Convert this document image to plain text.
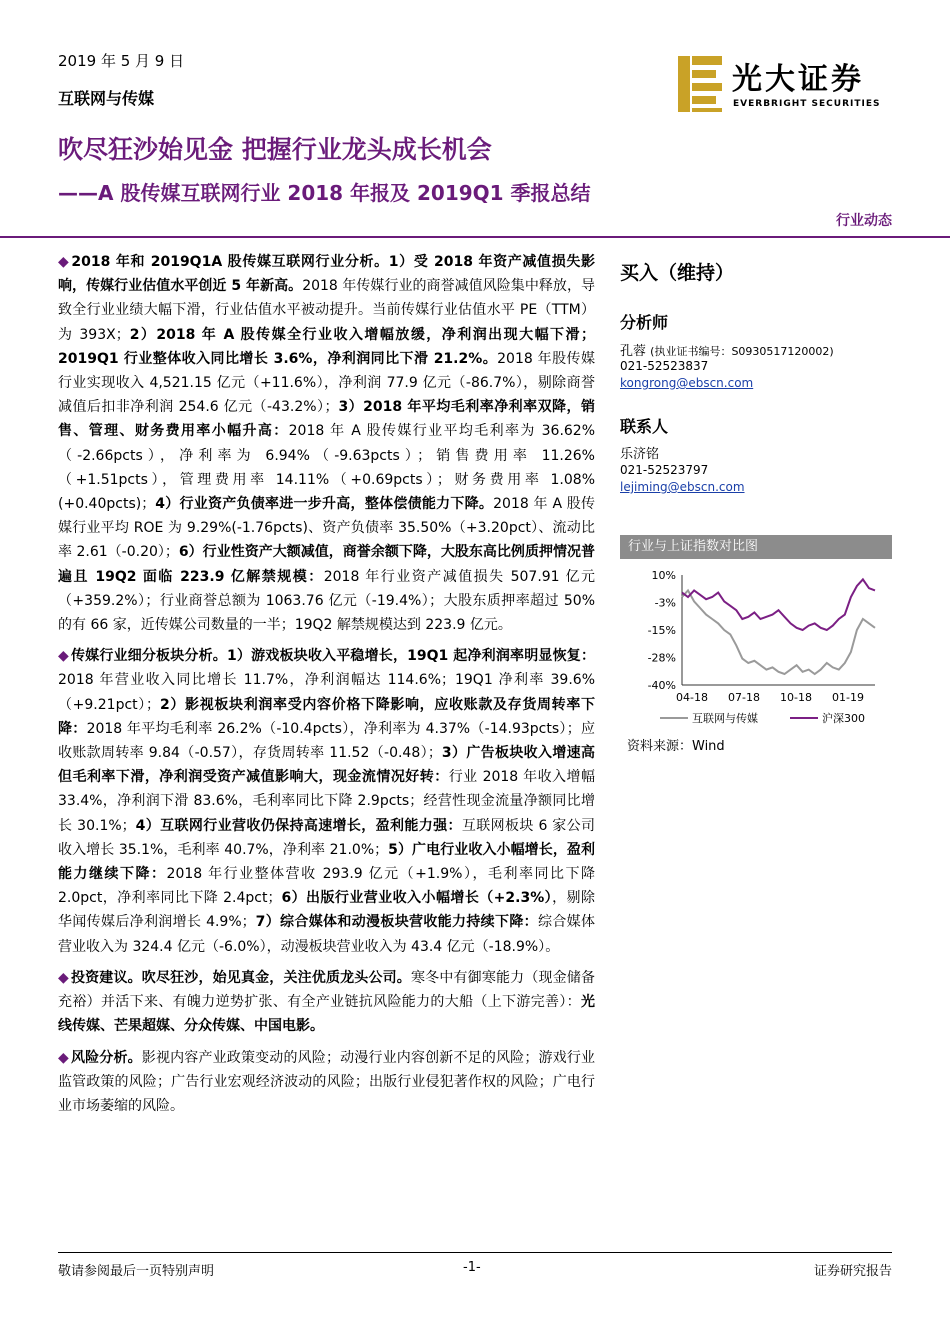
2019 年 5 月 9 日
互联网与传媒
光大证券
EVERBRIGHT SECURITIES
吹尽狂沙始见金 把握行业龙头成长机会
——A 股传媒互联网行业 2018 年报及 2019Q1 季报总结
行业动态

◆ 2018 年和 2019Q1A 股传媒互联网行业分析。1）受 2018 年资产减值损失影响，传媒行业估值水平创近 5 年新高。2018 年传媒行业的商誉减值风险集中释放，导致全行业业绩大幅下滑，行业估值水平被动提升。当前传媒行业估值水平 PE（TTM）为 393X；2）2018 年 A 股传媒全行业收入增幅放缓，净利润出现大幅下滑；2019Q1 行业整体收入同比增长 3.6%，净利润同比下滑 21.2%。2018 年股传媒行业实现收入 4,521.15 亿元（+11.6%），净利润 77.9 亿元（-86.7%），剔除商誉减值后扣非净利润 254.6 亿元（-43.2%）；3）2018 年平均毛利率净利率双降，销售、管理、财务费用率小幅升高：2018 年 A 股传媒行业平均毛利率为 36.62%（-2.66pcts），净利率为 6.94%（-9.63pcts）；销售费用率 11.26%（+1.51pcts），管理费用率 14.11%（+0.69pcts）；财务费用率 1.08%(+0.40pcts)；4）行业资产负债率进一步升高，整体偿债能力下降。2018 年 A 股传媒行业平均 ROE 为 9.29%(-1.76pcts)、资产负债率 35.50%（+3.20pct）、流动比率 2.61（-0.20）；6）行业性资产大额减值，商誉余额下降，大股东高比例质押情况普遍且 19Q2 面临 223.9 亿解禁规模：2018 年行业资产减值损失 507.91 亿元（+359.2%）；行业商誉总额为 1063.76 亿元（-19.4%）；大股东质押率超过 50%的有 66 家，近传媒公司数量的一半；19Q2 解禁规模达到 223.9 亿元。

◆ 传媒行业细分板块分析。1）游戏板块收入平稳增长，19Q1 起净利润率明显恢复：2018 年营业收入同比增长 11.7%，净利润幅达 114.6%；19Q1 净利率 39.6%（+9.21pct）；2）影视板块利润率受内容价格下降影响，应收账款及存货周转率下降：2018 年平均毛利率 26.2%（-10.4pcts），净利率为 4.37%（-14.93pcts）；应收账款周转率 9.84（-0.57），存货周转率 11.52（-0.48）；3）广告板块收入增速高但毛利率下滑，净利润受资产减值影响大，现金流情况好转：行业 2018 年收入增幅 33.4%，净利润下滑 83.6%，毛利率同比下降 2.9pcts；经营性现金流量净额同比增长 30.1%；4）互联网行业营收仍保持高速增长，盈利能力强：互联网板块 6 家公司收入增长 35.1%，毛利率 40.7%，净利率 21.0%；5）广电行业收入小幅增长，盈利能力继续下降：2018 年行业整体营收 293.9 亿元（+1.9%），毛利率同比下降 2.0pct，净利率同比下降 2.4pct；6）出版行业营业收入小幅增长（+2.3%），剔除华闻传媒后净利润增长 4.9%；7）综合媒体和动漫板块营收能力持续下降：综合媒体营业收入为 324.4 亿元（-6.0%），动漫板块营业收入为 43.4 亿元（-18.9%）。

◆ 投资建议。吹尽狂沙，始见真金，关注优质龙头公司。寒冬中有御寒能力（现金储备充裕）并活下来、有魄力逆势扩张、有全产业链抗风险能力的大船（上下游完善）：光线传媒、芒果超媒、分众传媒、中国电影。

◆ 风险分析。影视内容产业政策变动的风险；动漫行业内容创新不足的风险；游戏行业监管政策的风险；广告行业宏观经济波动的风险；出版行业侵犯著作权的风险；广电行业市场萎缩的风险。

买入（维持）
分析师
孔蓉 (执业证书编号：S0930517120002)
021-52523837
kongrong@ebscn.com
联系人
乐济铭
021-52523797
lejiming@ebscn.com
行业与上证指数对比图
10%
-3%
-15%
-28%
-40%
04-18 07-18 10-18 01-19
互联网与传媒	沪深300
资料来源：Wind
敬请参阅最后一页特别声明	-1-	证券研究报告
